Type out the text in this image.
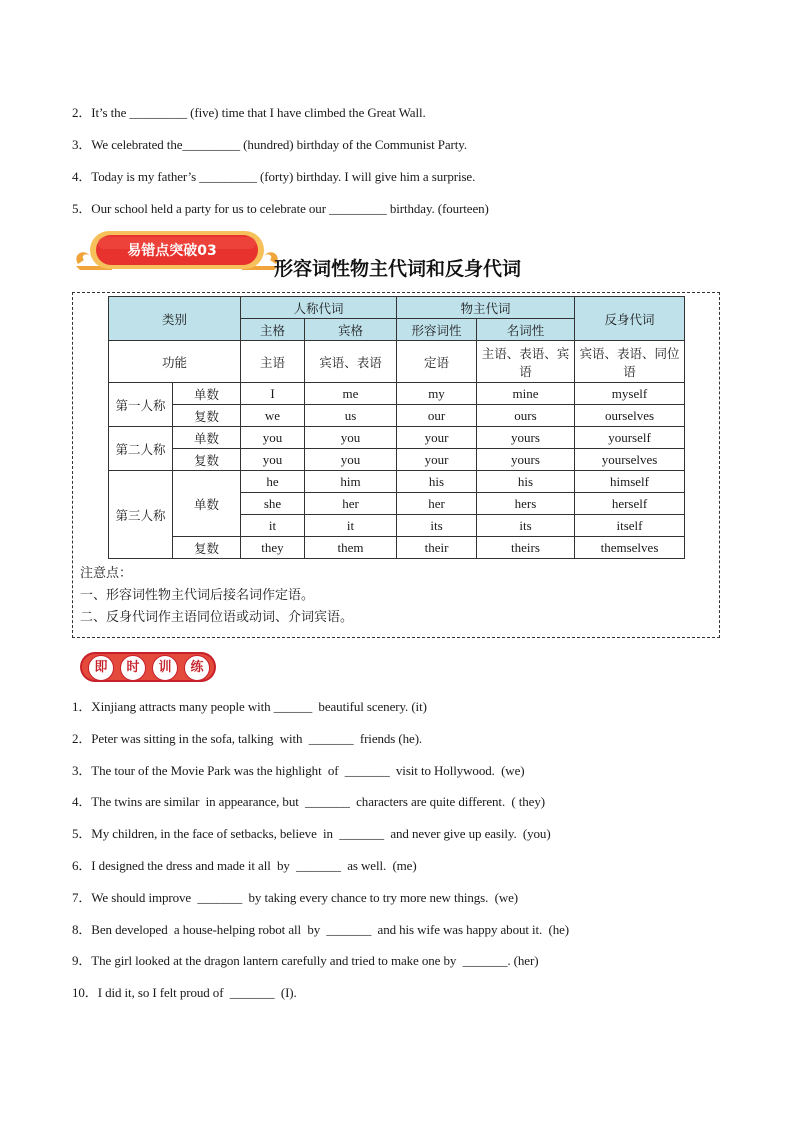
2．It’s the _________ (five) time that I have climbed the Great Wall.
3．We celebrated the_________ (hundred) birthday of the Communist Party.
4．Today is my father’s _________ (forty) birthday. I will give him a surprise.
5．Our school held a party for us to celebrate our _________ birthday. (fourteen)
易错点突破03
形容词性物主代词和反身代词
类别		人称代词		物主代词		反身代词
		主格	宾格	形容词性	名词性	
功能		主语	宾语、表语	定语	主语、表语、宾语	宾语、表语、同位语
第一人称	单数	I	me	my	mine	myself
	复数	we	us	our	ours	ourselves
第二人称	单数	you	you	your	yours	yourself
	复数	you	you	your	yours	yourselves
第三人称	单数	he	him	his	his	himself
		she	her	her	hers	herself
		it	it	its	its	itself
	复数	they	them	their	theirs	themselves
注意点：
一、形容词性物主代词后接名词作定语。
二、反身代词作主语同位语或动词、介词宾语。
即	时	训	练
1．Xinjiang attracts many people with ______  beautiful scenery. (it)
2．Peter was sitting in the sofa, talking  with  _______  friends (he).
3．The tour of the Movie Park was the highlight  of  _______  visit to Hollywood.  (we)
4．The twins are similar  in appearance, but  _______  characters are quite different.  ( they)
5．My children, in the face of setbacks, believe  in  _______  and never give up easily.  (you)
6．I designed the dress and made it all  by  _______  as well.  (me)
7．We should improve  _______  by taking every chance to try more new things.  (we)
8．Ben developed  a house-helping robot all  by  _______  and his wife was happy about it.  (he)
9．The girl looked at the dragon lantern carefully and tried to make one by  _______. (her)
10．I did it, so I felt proud of  _______  (I).
